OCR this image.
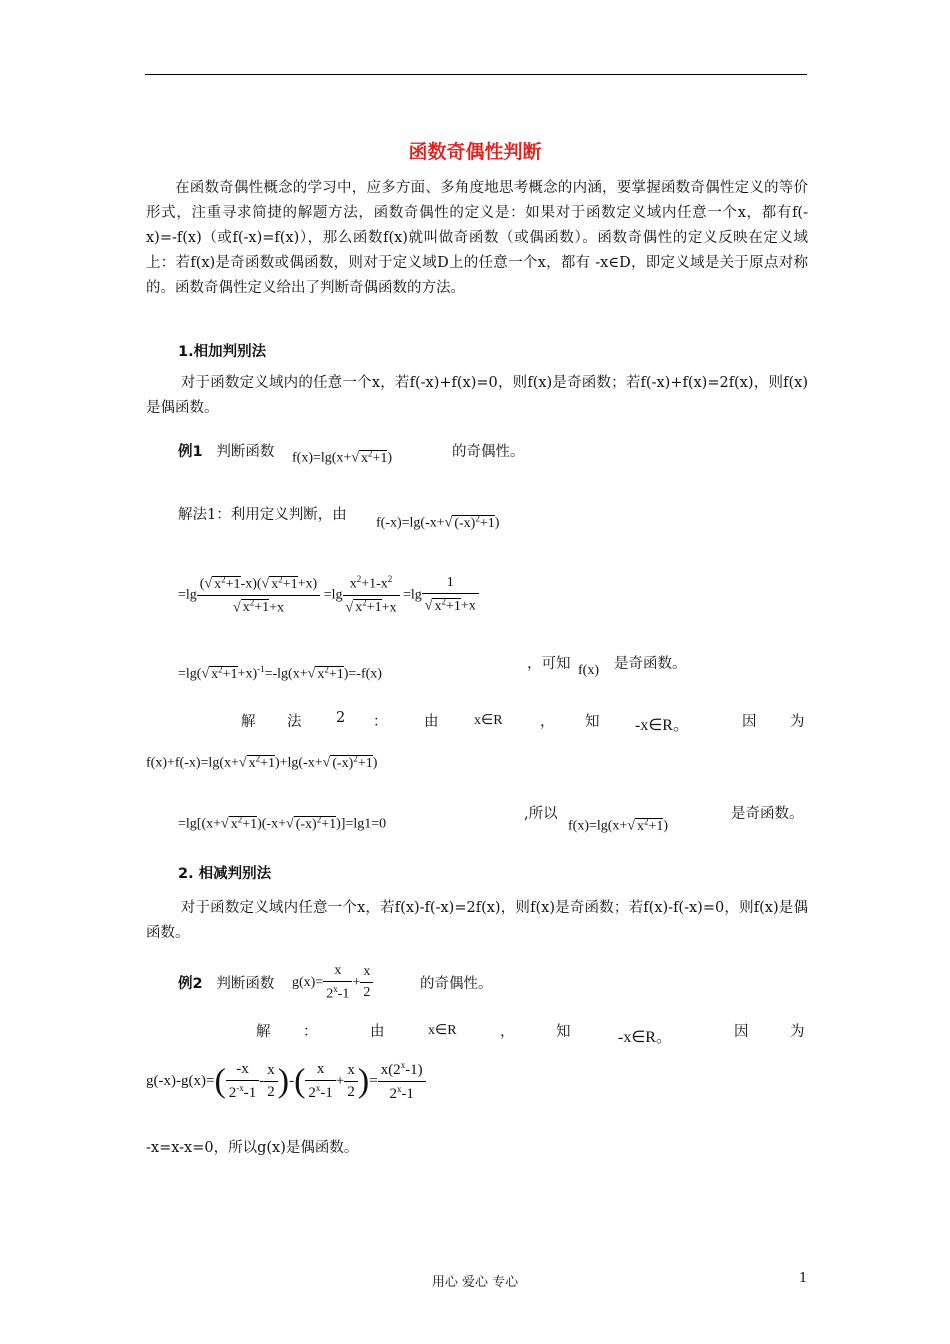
函数奇偶性判断
在函数奇偶性概念的学习中，应多方面、多角度地思考概念的内涵，要掌握函数奇偶性定义的等价形式，注重寻求简捷的解题方法，函数奇偶性的定义是：如果对于函数定义域内任意一个x，都有f(-x)=-f(x)（或f(-x)=f(x)），那么函数f(x)就叫做奇函数（或偶函数）。函数奇偶性的定义反映在定义域上：若f(x)是奇函数或偶函数，则对于定义域D上的任意一个x，都有 -x∈D，即定义域是关于原点对称的。函数奇偶性定义给出了判断奇偶函数的方法。
1.相加判别法
对于函数定义域内的任意一个x，若f(-x)+f(x)=0，则f(x)是奇函数；若f(-x)+f(x)=2f(x)，则f(x)是偶函数。
例1 判断函数 f(x)=lg(x+√ $x^2+1$)	的奇偶性。
解法1：利用定义判断，由
f(-x)=lg(-x+√ $(-x)^2+1$)
$=\lg \frac{(√ x^2+1-x)(√ x^2+1+x)}{√ x^2+1+x} =\lg \frac{x^2+1-x^2}{√ x^2+1+x} =\lg \frac{1}{√ x^2+1+x}$
=lg(√ $x^2+1+x)^{-1}=-\lg(x+√$ $x^2+1)=-f(x)$
，可知 f(x) 是奇函数。
解 法 2 ：	由	x∈R	， 知 -x∈R。	因 为
f(x)+f(-x)=lg(x+√ $x^2+1)+\lg(-x+√$ $(-x)^2+1$)
=lg[(x+√ $x^2+1)(-x+√$ $(-x)^2+1)]=\lg 1=0$
,所以
f(x)=lg(x+√ $x^2+1$)
是奇函数。
2. 相减判别法
对于函数定义域内任意一个x，若f(x)-f(-x)=2f(x)，则f(x)是奇函数；若f(x)-f(-x)=0，则f(x)是偶函数。
例2 判断函数 $g(x)= \frac{x}{2^x-1} + \frac{x}{2}$	的奇偶性。
解 ：	由	x∈R	，	知	-x∈R。	因	为
$g(-x)-g(x)=( \frac{-x}{2^{-x}-1} - \frac{x}{2}$ )-( $\frac{x}{2^x-1} + \frac{x}{2}$ )= $\frac{x(2^x-1)}{2^x-1}$
-x=x-x=0，所以g(x)是偶函数。
用心 爱心 专心	1
